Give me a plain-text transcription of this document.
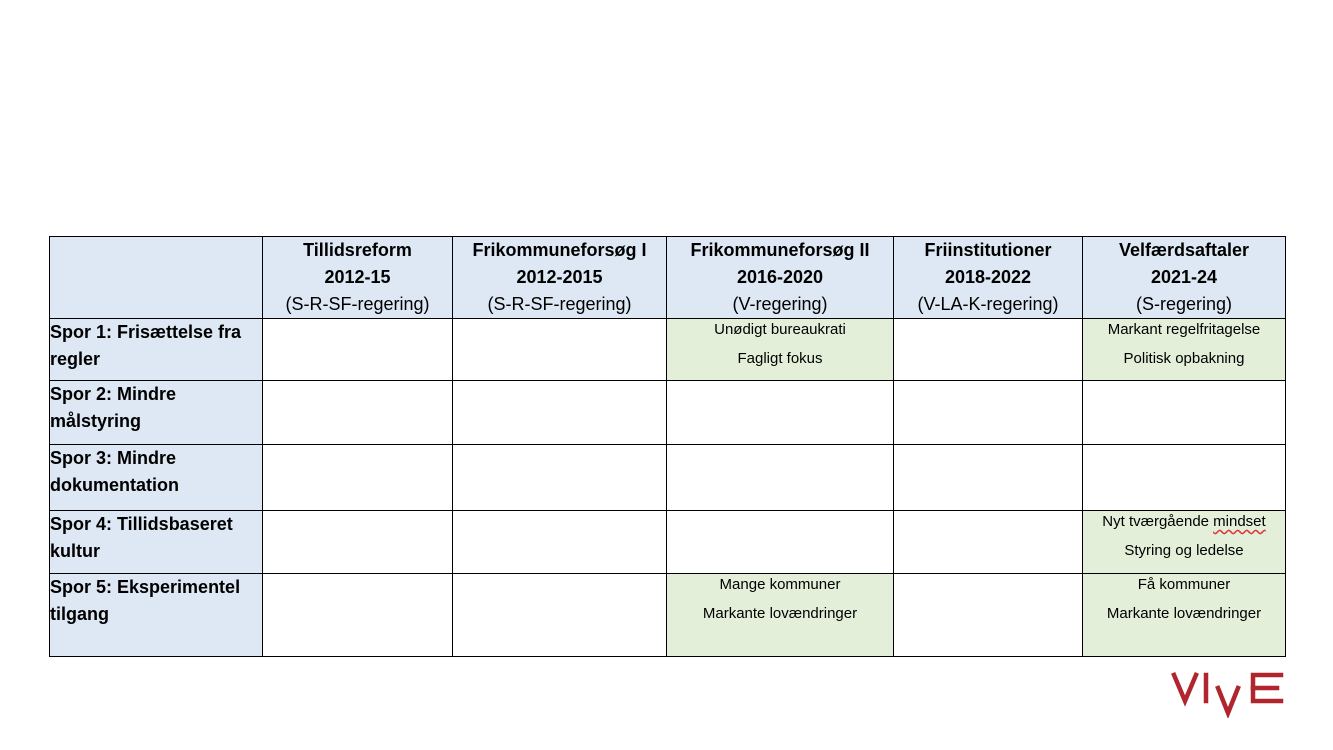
	Tillidsreform
2012-15
(S-R-SF-regering)	Frikommuneforsøg I
2012-2015
(S-R-SF-regering)	Frikommuneforsøg II
2016-2020
(V-regering)	Friinstitutioner
2018-2022
(V-LA-K-regering)	Velfærdsaftaler
2021-24
(S-regering)

Spor 1: Frisættelse fra regler			Unødigt bureaukrati
Fagligt fokus		Markant regelfritagelse
Politisk opbakning

Spor 2: Mindre målstyring					
Spor 3: Mindre dokumentation					
Spor 4: Tillidsbaseret kultur					Nyt tværgående mindset
Styring og ledelse

Spor 5: Eksperimentel tilgang			Mange kommuner
Markante lovændringer		Få kommuner
Markante lovændringer
